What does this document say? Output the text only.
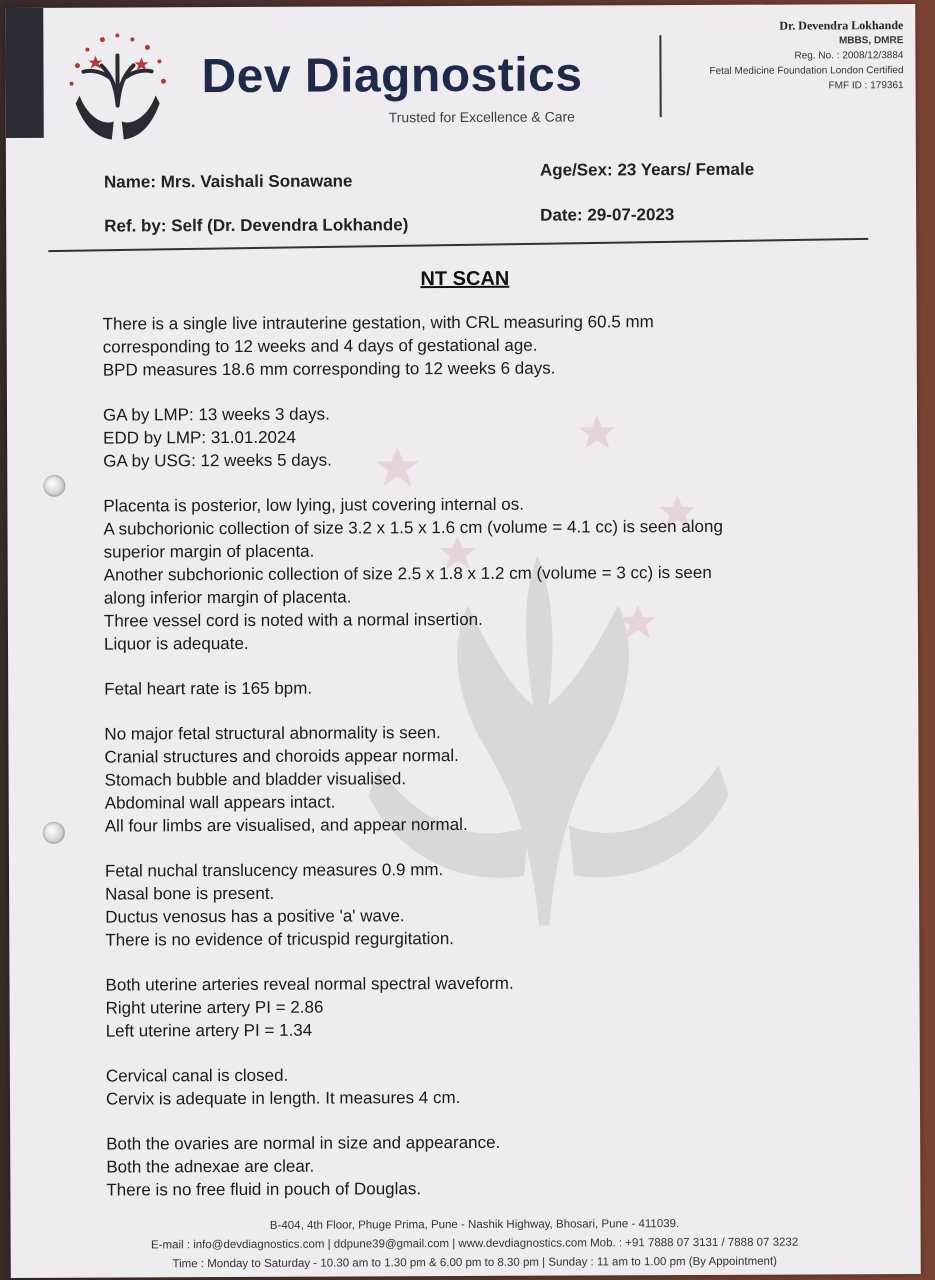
Dev Diagnostics
Trusted for Excellence & Care
Dr. Devendra Lokhande
MBBS, DMRE
Reg. No. : 2008/12/3884
Fetal Medicine Foundation London Certified
FMF ID : 179361
Name: Mrs. Vaishali Sonawane
Age/Sex: 23 Years/ Female
Ref. by: Self (Dr. Devendra Lokhande)
Date: 29-07-2023
NT SCAN
There is a single live intrauterine gestation, with CRL measuring 60.5 mm
corresponding to 12 weeks and 4 days of gestational age.
BPD measures 18.6 mm corresponding to 12 weeks 6 days.
GA by LMP: 13 weeks 3 days.
EDD by LMP: 31.01.2024
GA by USG: 12 weeks 5 days.
Placenta is posterior, low lying, just covering internal os.
A subchorionic collection of size 3.2 x 1.5 x 1.6 cm (volume = 4.1 cc) is seen along
superior margin of placenta.
Another subchorionic collection of size 2.5 x 1.8 x 1.2 cm (volume = 3 cc) is seen
along inferior margin of placenta.
Three vessel cord is noted with a normal insertion.
Liquor is adequate.
Fetal heart rate is 165 bpm.
No major fetal structural abnormality is seen.
Cranial structures and choroids appear normal.
Stomach bubble and bladder visualised.
Abdominal wall appears intact.
All four limbs are visualised, and appear normal.
Fetal nuchal translucency measures 0.9 mm.
Nasal bone is present.
Ductus venosus has a positive 'a' wave.
There is no evidence of tricuspid regurgitation.
Both uterine arteries reveal normal spectral waveform.
Right uterine artery PI = 2.86
Left uterine artery PI = 1.34
Cervical canal is closed.
Cervix is adequate in length. It measures 4 cm.
Both the ovaries are normal in size and appearance.
Both the adnexae are clear.
There is no free fluid in pouch of Douglas.
B-404, 4th Floor, Phuge Prima, Pune - Nashik Highway, Bhosari, Pune - 411039.
E-mail : info@devdiagnostics.com | ddpune39@gmail.com | www.devdiagnostics.com Mob. : +91 7888 07 3131 / 7888 07 3232
Time : Monday to Saturday - 10.30 am to 1.30 pm & 6.00 pm to 8.30 pm | Sunday : 11 am to 1.00 pm (By Appointment)
